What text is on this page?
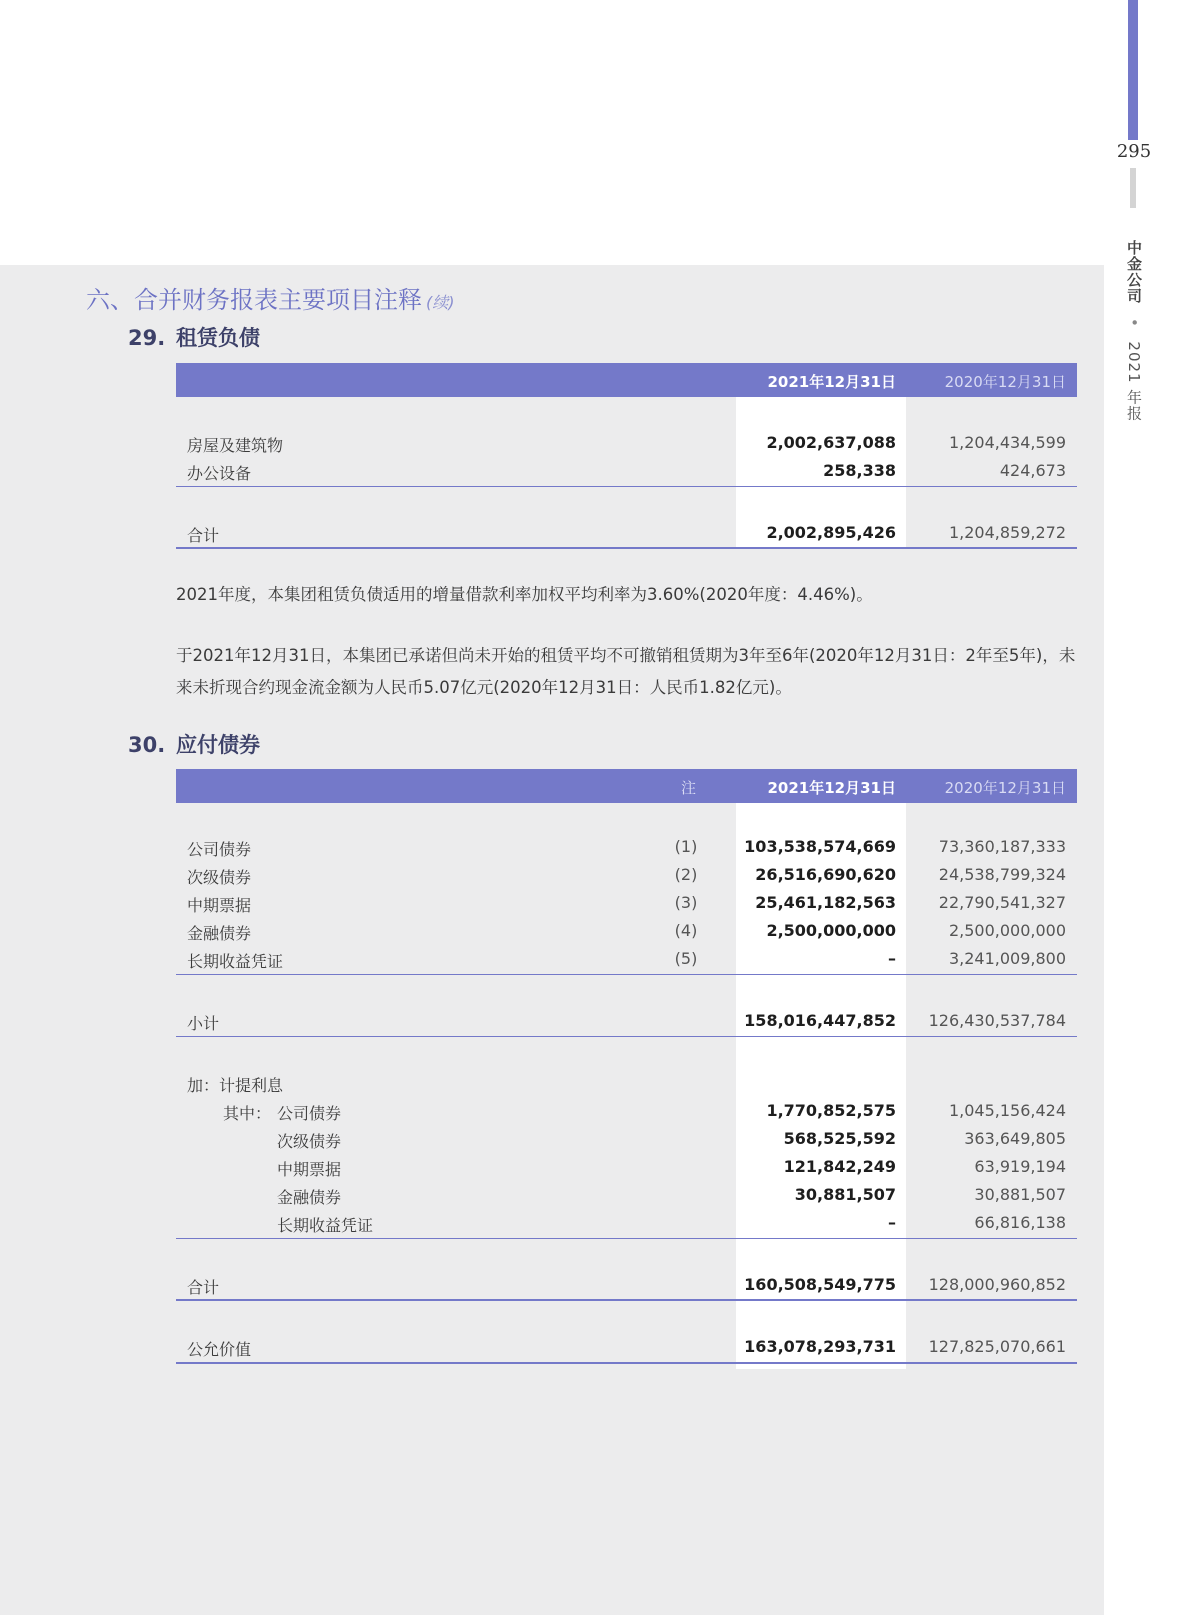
295
中金公司 • 2021 年报
六、合并财务报表主要项目注释 (续)
29. 租赁负债
2021年12月31日	2020年12月31日
房屋及建筑物	2,002,637,088	1,204,434,599
办公设备	258,338	424,673
合计	2,002,895,426	1,204,859,272
2021年度，本集团租赁负债适用的增量借款利率加权平均利率为3.60%(2020年度：4.46%)。
于2021年12月31日，本集团已承诺但尚未开始的租赁平均不可撤销租赁期为3年至6年(2020年12月31日：2年至5年)，未来未折现合约现金流金额为人民币5.07亿元(2020年12月31日：人民币1.82亿元)。
30. 应付债券
注	2021年12月31日	2020年12月31日
公司债券	(1)	103,538,574,669	73,360,187,333
次级债券	(2)	26,516,690,620	24,538,799,324
中期票据	(3)	25,461,182,563	22,790,541,327
金融债券	(4)	2,500,000,000	2,500,000,000
长期收益凭证	(5)	–	3,241,009,800
小计	158,016,447,852 126,430,537,784
加：计提利息
其中： 公司债券	1,770,852,575	1,045,156,424
次级债券	568,525,592	363,649,805
中期票据	121,842,249	63,919,194
金融债券	30,881,507	30,881,507
长期收益凭证	–	66,816,138
合计	160,508,549,775 128,000,960,852
公允价值	163,078,293,731 127,825,070,661
